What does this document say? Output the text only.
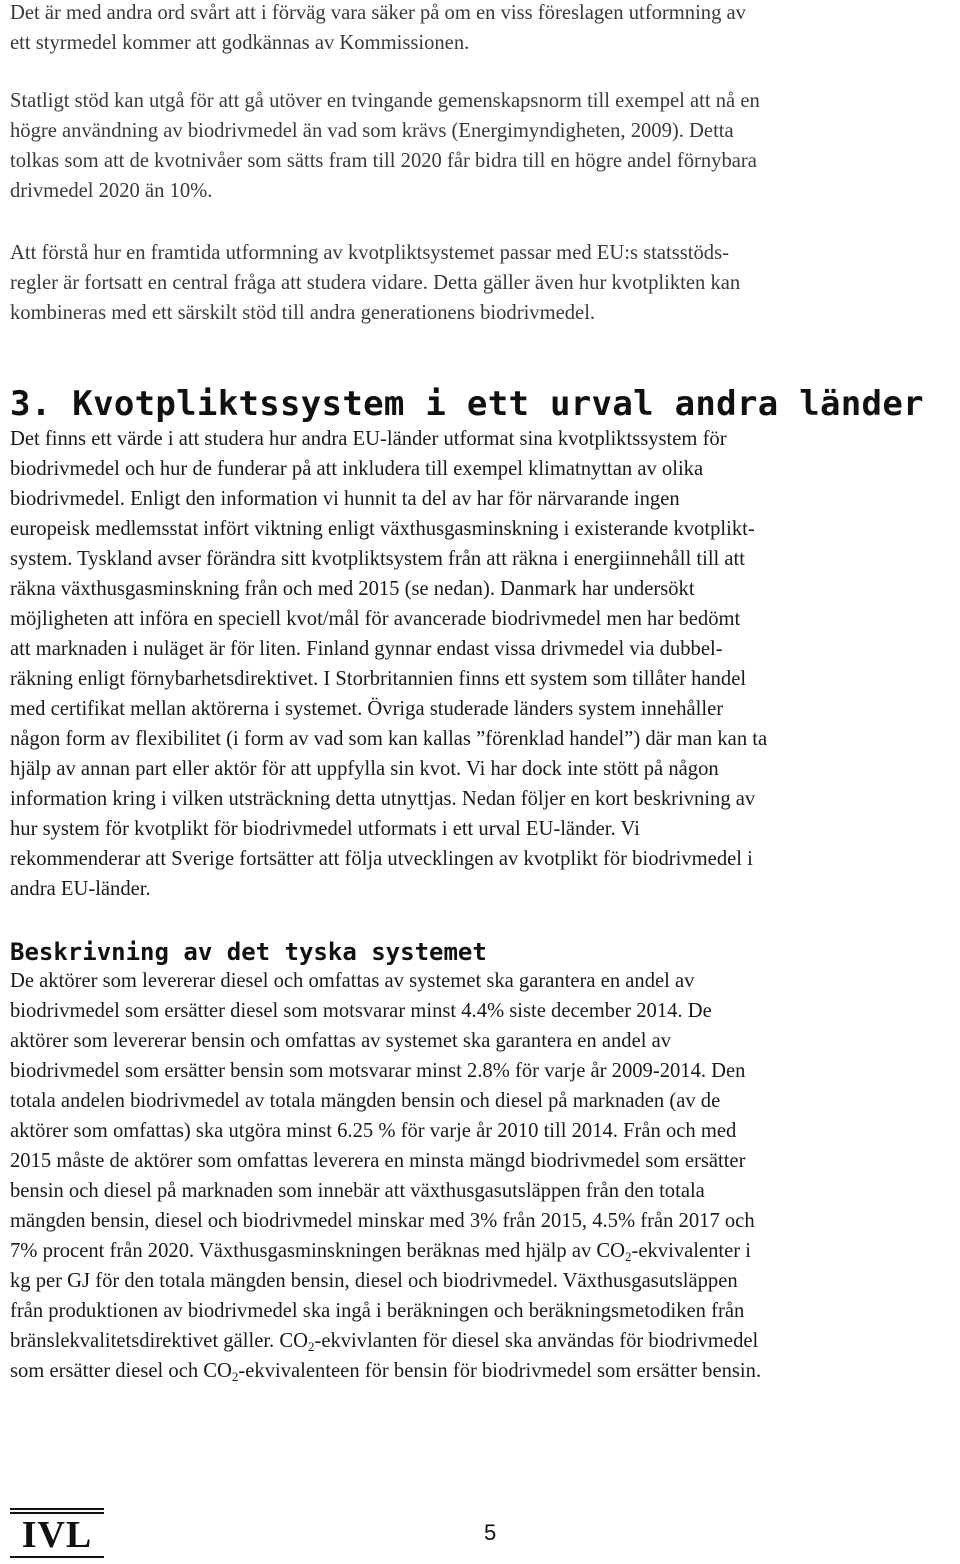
Det är med andra ord svårt att i förväg vara säker på om en viss föreslagen utformning av
ett styrmedel kommer att godkännas av Kommissionen.
Statligt stöd kan utgå för att gå utöver en tvingande gemenskapsnorm till exempel att nå en
högre användning av biodrivmedel än vad som krävs (Energimyndigheten, 2009). Detta
tolkas som att de kvotnivåer som sätts fram till 2020 får bidra till en högre andel förnybara
drivmedel 2020 än 10%.
Att förstå hur en framtida utformning av kvotpliktsystemet passar med EU:s statsstöds-
regler är fortsatt en central fråga att studera vidare. Detta gäller även hur kvotplikten kan
kombineras med ett särskilt stöd till andra generationens biodrivmedel.
3. Kvotpliktssystem i ett urval andra länder
Det finns ett värde i att studera hur andra EU-länder utformat sina kvotpliktssystem för
biodrivmedel och hur de funderar på att inkludera till exempel klimatnyttan av olika
biodrivmedel. Enligt den information vi hunnit ta del av har för närvarande ingen
europeisk medlemsstat infört viktning enligt växthusgasminskning i existerande kvotplikt-
system. Tyskland avser förändra sitt kvotpliktsystem från att räkna i energiinnehåll till att
räkna växthusgasminskning från och med 2015 (se nedan). Danmark har undersökt
möjligheten att införa en speciell kvot/mål för avancerade biodrivmedel men har bedömt
att marknaden i nuläget är för liten. Finland gynnar endast vissa drivmedel via dubbel-
räkning enligt förnybarhetsdirektivet. I Storbritannien finns ett system som tillåter handel
med certifikat mellan aktörerna i systemet. Övriga studerade länders system innehåller
någon form av flexibilitet (i form av vad som kan kallas ”förenklad handel”) där man kan ta
hjälp av annan part eller aktör för att uppfylla sin kvot. Vi har dock inte stött på någon
information kring i vilken utsträckning detta utnyttjas. Nedan följer en kort beskrivning av
hur system för kvotplikt för biodrivmedel utformats i ett urval EU-länder. Vi
rekommenderar att Sverige fortsätter att följa utvecklingen av kvotplikt för biodrivmedel i
andra EU-länder.
Beskrivning av det tyska systemet
De aktörer som levererar diesel och omfattas av systemet ska garantera en andel av
biodrivmedel som ersätter diesel som motsvarar minst 4.4% siste december 2014. De
aktörer som levererar bensin och omfattas av systemet ska garantera en andel av
biodrivmedel som ersätter bensin som motsvarar minst 2.8% för varje år 2009-2014. Den
totala andelen biodrivmedel av totala mängden bensin och diesel på marknaden (av de
aktörer som omfattas) ska utgöra minst 6.25 % för varje år 2010 till 2014. Från och med
2015 måste de aktörer som omfattas leverera en minsta mängd biodrivmedel som ersätter
bensin och diesel på marknaden som innebär att växthusgasutsläppen från den totala
mängden bensin, diesel och biodrivmedel minskar med 3% från 2015, 4.5% från 2017 och
7% procent från 2020. Växthusgasminskningen beräknas med hjälp av $CO_2$-ekvivalenter i
kg per GJ för den totala mängden bensin, diesel och biodrivmedel. Växthusgasutsläppen
från produktionen av biodrivmedel ska ingå i beräkningen och beräkningsmetodiken från
bränslekvalitetsdirektivet gäller. $CO_2$-ekvivlanten för diesel ska användas för biodrivmedel
som ersätter diesel och $CO_2$-ekvivalenteen för bensin för biodrivmedel som ersätter bensin.
IVL	5
